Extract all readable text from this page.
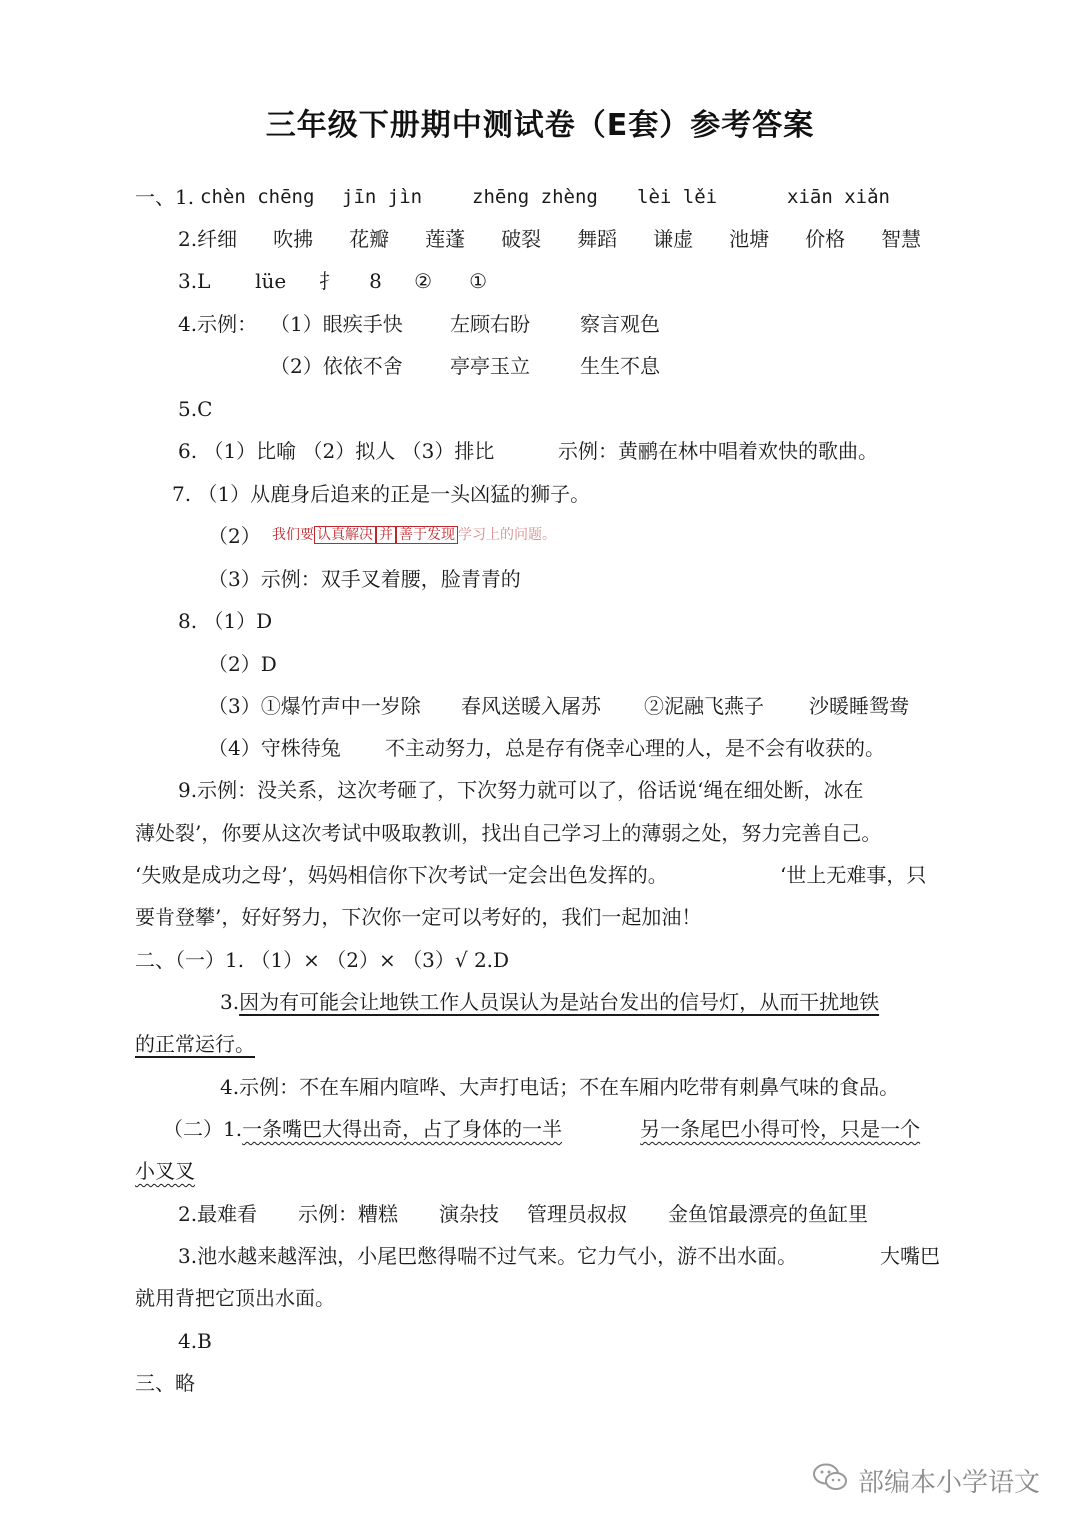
三年级下册期中测试卷（E套）参考答案
一、1. chèn chēng jīn jìn	zhēng zhèng lèi lěi	xiān xiǎn
2.纤细 吹拂 花瓣 莲蓬 破裂 舞蹈 谦虚 池塘 价格 智慧
3.L lüe 扌 8 ② ①
4.示例： （1）眼疾手快 左顾右盼	察言观色
（2）依依不舍 亭亭玉立	生生不息
5.C
6. （1）比喻 （2）拟人 （3）排比	示例：黄鹂在林中唱着欢快的歌曲。
7. （1）从鹿身后追来的正是一头凶猛的狮子。
（2） 我们要 认真解决 并 善于发现 学习上的问题。
（3）示例：双手叉着腰，脸青青的
8. （1）D
（2）D
（3）①爆竹声中一岁除 春风送暖入屠苏 ②泥融飞燕子 沙暖睡鸳鸯
（4）守株待兔 不主动努力，总是存有侥幸心理的人，是不会有收获的。
9.示例：没关系，这次考砸了，下次努力就可以了，俗话说‘绳在细处断，冰在
薄处裂’，你要从这次考试中吸取教训，找出自己学习上的薄弱之处，努力完善自己。
‘失败是成功之母’，妈妈相信你下次考试一定会出色发挥的。	‘世上无难事，只
要肯登攀’，好好努力，下次你一定可以考好的，我们一起加油！
二、（一）1. （1）× （2）× （3）√ 2.D
3.因为有可能会让地铁工作人员误认为是站台发出的信号灯，从而干扰地铁
的正常运行。
4.示例：不在车厢内喧哗、大声打电话；不在车厢内吃带有刺鼻气味的食品。
（二）1.一条嘴巴大得出奇，占了身体的一半	另一条尾巴小得可怜，只是一个
小叉叉
2.最难看 示例：糟糕 演杂技 管理员叔叔 金鱼馆最漂亮的鱼缸里
3.池水越来越浑浊，小尾巴憋得喘不过气来。它力气小，游不出水面。	大嘴巴
就用背把它顶出水面。
4.B
三、略
部编本小学语文
